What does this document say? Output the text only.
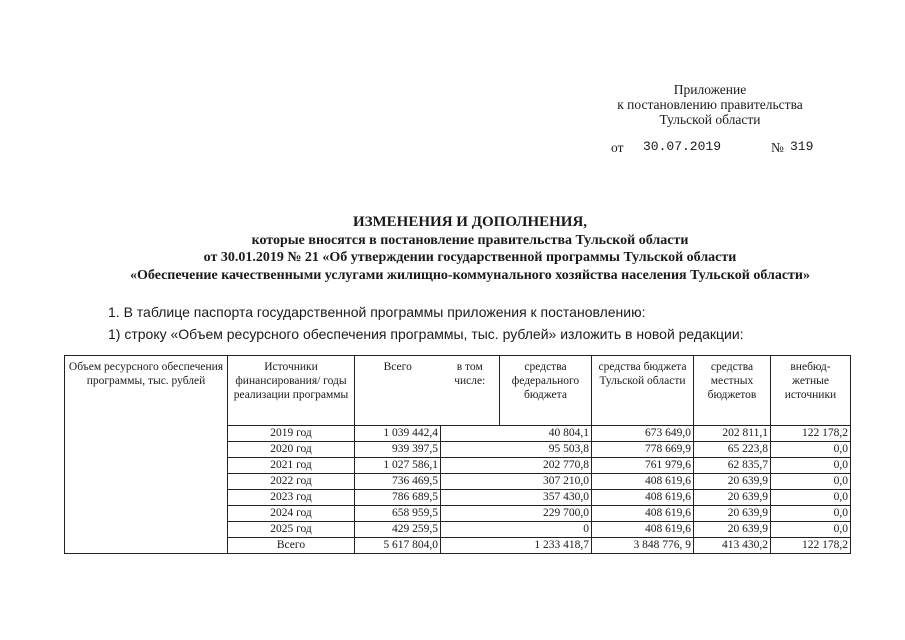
Приложение
к постановлению правительства
Тульской области
от 30.07.2019	№ 319
ИЗМЕНЕНИЯ И ДОПОЛНЕНИЯ,
которые вносятся в постановление правительства Тульской области
от 30.01.2019 № 21 «Об утверждении государственной программы Тульской области
«Обеспечение качественными услугами жилищно-коммунального хозяйства населения Тульской области»
1. В таблице паспорта государственной программы приложения к постановлению:
1) строку «Объем ресурсного обеспечения программы, тыс. рублей» изложить в новой редакции:
Объем ресурсного обеспечения программы, тыс. рублей	Источники финансирования/ годы реализации программы	Всего	в том числе:	средства федерального бюджета	средства бюджета Тульской области	средства местных бюджетов	внебюд-жетные источники
	2019 год	1 039 442,4	40 804,1		673 649,0	202 811,1	122 178,2
	2020 год	939 397,5	95 503,8		778 669,9	65 223,8	0,0
	2021 год	1 027 586,1	202 770,8		761 979,6	62 835,7	0,0
	2022 год	736 469,5	307 210,0		408 619,6	20 639,9	0,0
	2023 год	786 689,5	357 430,0		408 619,6	20 639,9	0,0
	2024 год	658 959,5	229 700,0		408 619,6	20 639,9	0,0
	2025 год	429 259,5	0		408 619,6	20 639,9	0,0
	Всего	5 617 804,0	1 233 418,7		3 848 776, 9	413 430,2	122 178,2
